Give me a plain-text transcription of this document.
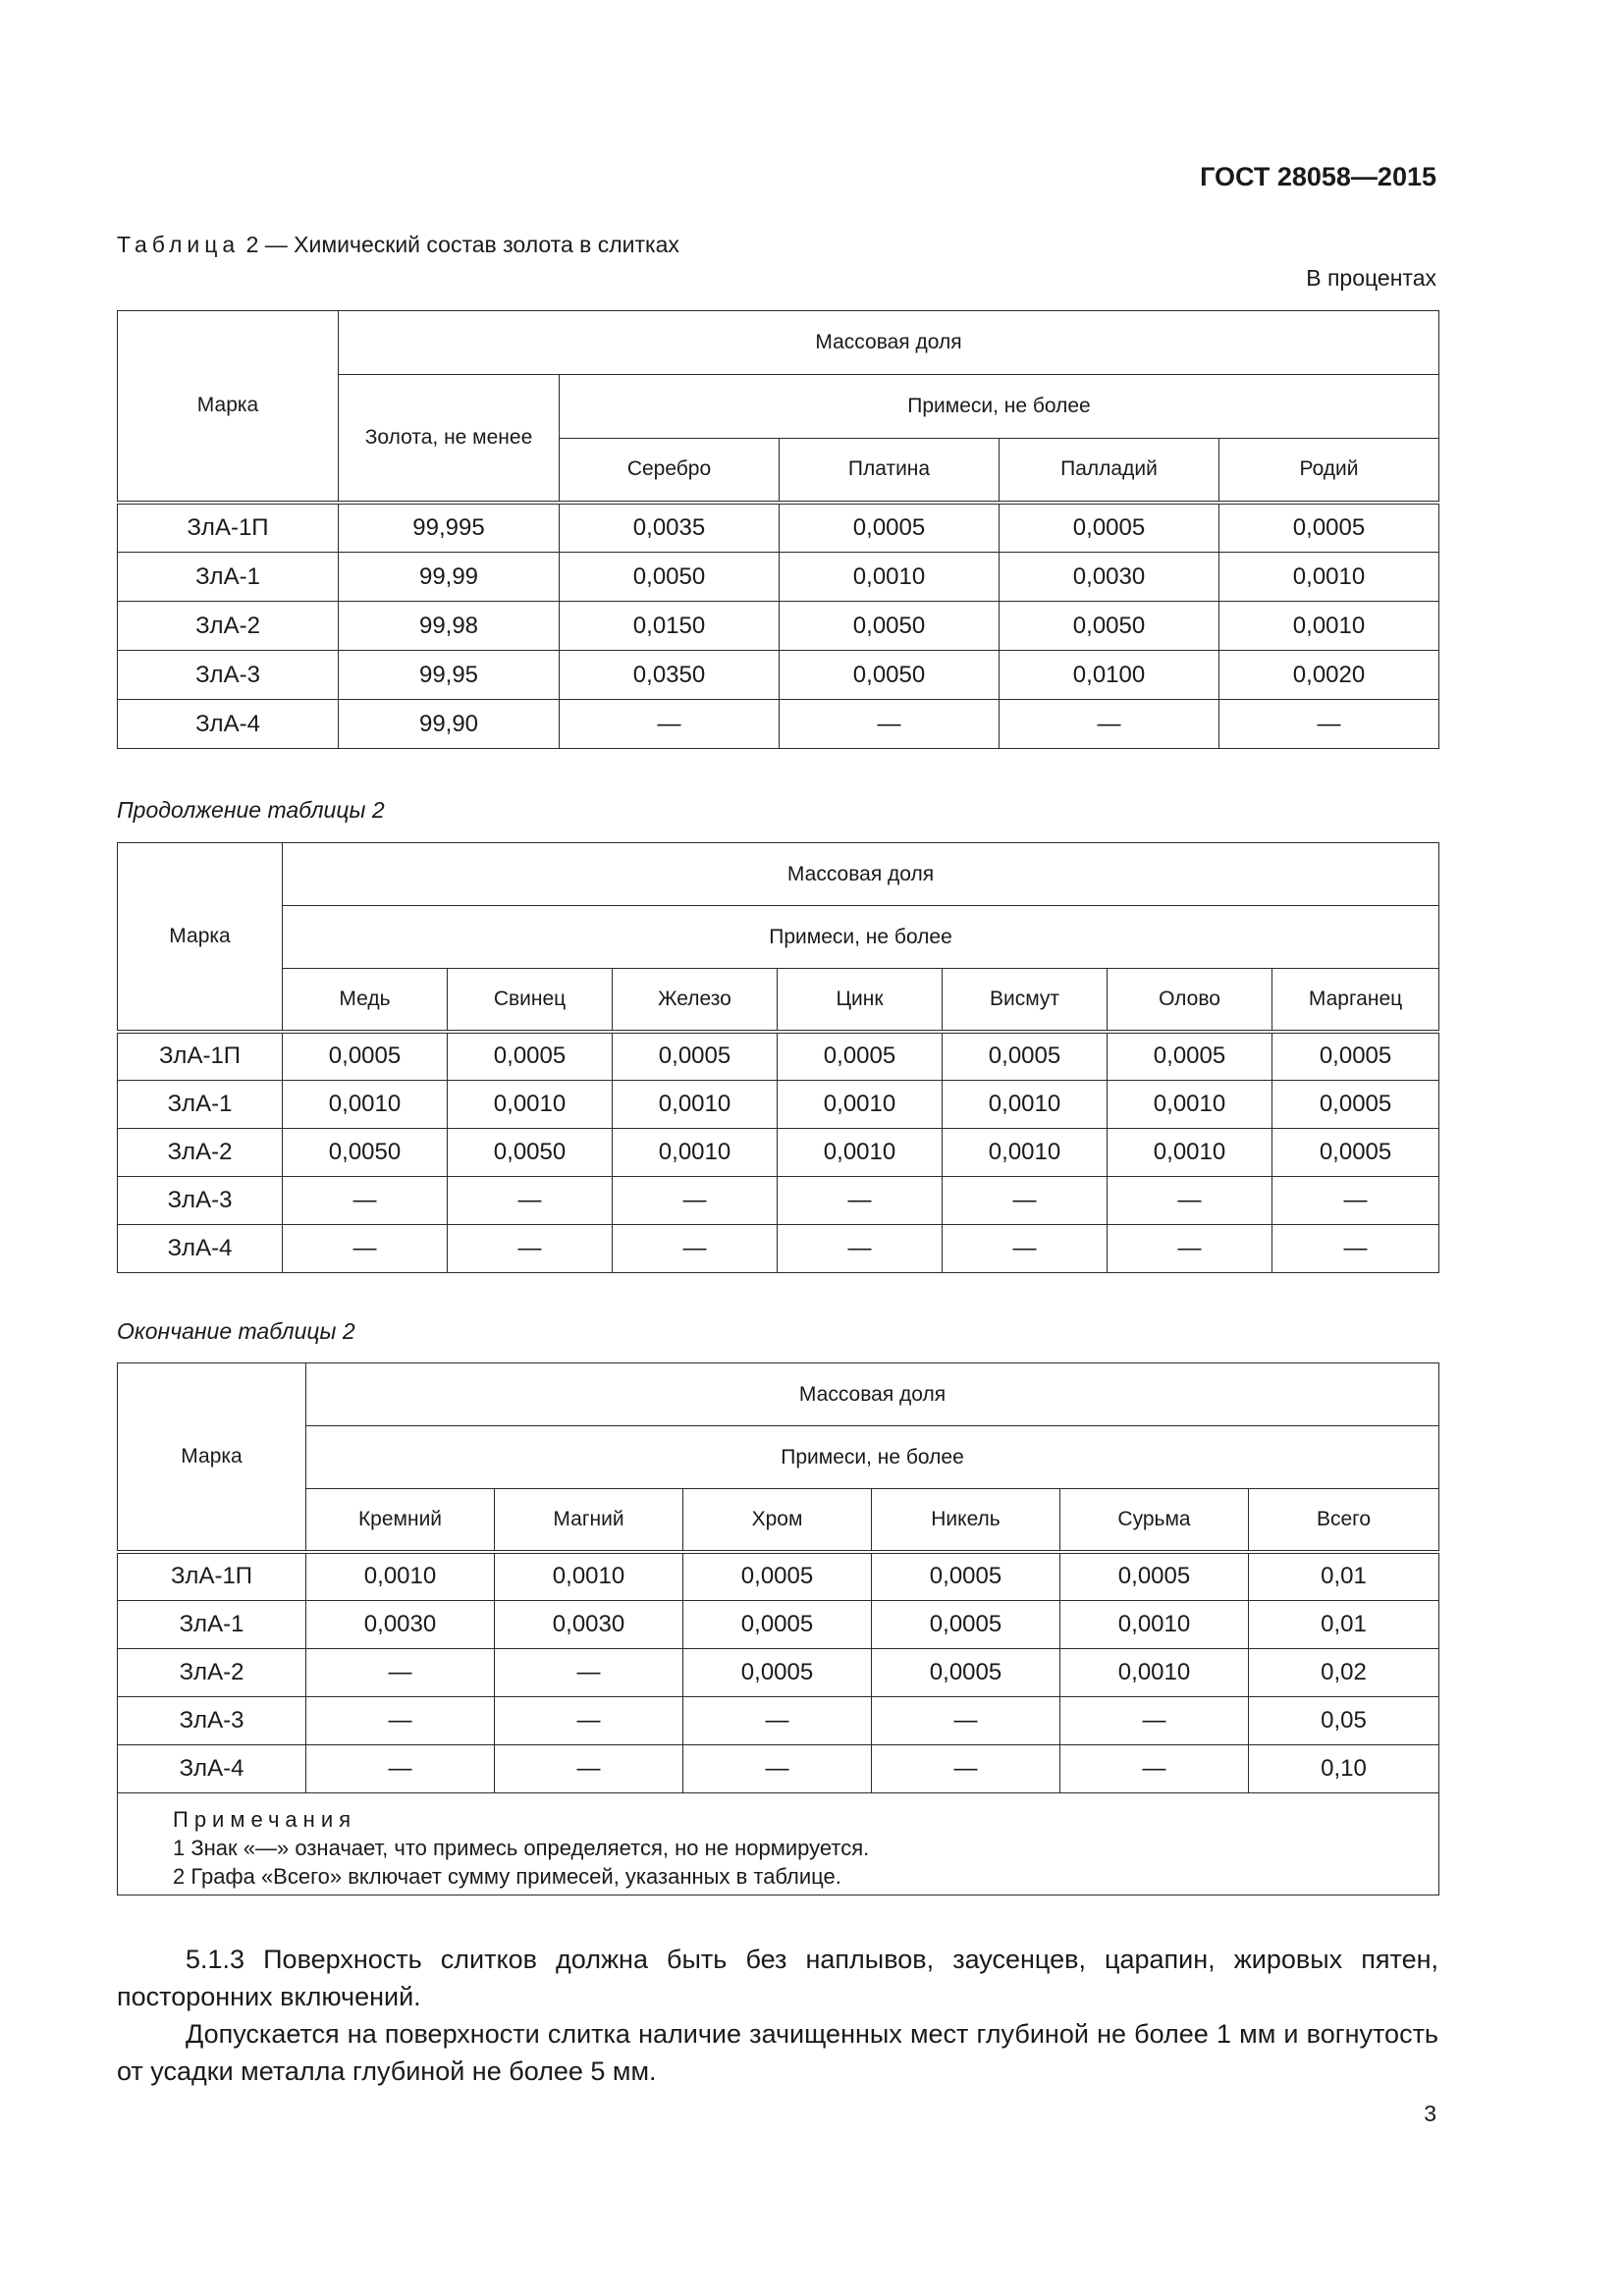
ГОСТ 28058—2015
Таблица 2 — Химический состав золота в слитках
В процентах
Марка	Массовая доля				
	Золота, не менее	Примеси, не более			
		Серебро	Платина	Палладий	Родий
ЗлА-1П	99,995	0,0035	0,0005	0,0005	0,0005
ЗлА-1	99,99	0,0050	0,0010	0,0030	0,0010
ЗлА-2	99,98	0,0150	0,0050	0,0050	0,0010
ЗлА-3	99,95	0,0350	0,0050	0,0100	0,0020
ЗлА-4	99,90	—	—	—	—
Продолжение таблицы 2
Марка	Массовая доля						
	Примеси, не более						
	Медь	Свинец	Железо	Цинк	Висмут	Олово	Марганец
ЗлА-1П	0,0005	0,0005	0,0005	0,0005	0,0005	0,0005	0,0005
ЗлА-1	0,0010	0,0010	0,0010	0,0010	0,0010	0,0010	0,0005
ЗлА-2	0,0050	0,0050	0,0010	0,0010	0,0010	0,0010	0,0005
ЗлА-3	—	—	—	—	—	—	—
ЗлА-4	—	—	—	—	—	—	—
Окончание таблицы 2
Марка	Массовая доля					
	Примеси, не более					
	Кремний	Магний	Хром	Никель	Сурьма	Всего
ЗлА-1П	0,0010	0,0010	0,0005	0,0005	0,0005	0,01
ЗлА-1	0,0030	0,0030	0,0005	0,0005	0,0010	0,01
ЗлА-2	—	—	0,0005	0,0005	0,0010	0,02
ЗлА-3	—	—	—	—	—	0,05
ЗлА-4	—	—	—	—	—	0,10

Примечания
1 Знак «—» означает, что примесь определяется, но не нормируется.
2 Графа «Всего» включает сумму примесей, указанных в таблице.						

5.1.3 Поверхность слитков должна быть без наплывов, заусенцев, царапин, жировых пятен, посторонних включений.

Допускается на поверхности слитка наличие зачищенных мест глубиной не более 1 мм и вогнутость от усадки металла глубиной не более 5 мм.

3
